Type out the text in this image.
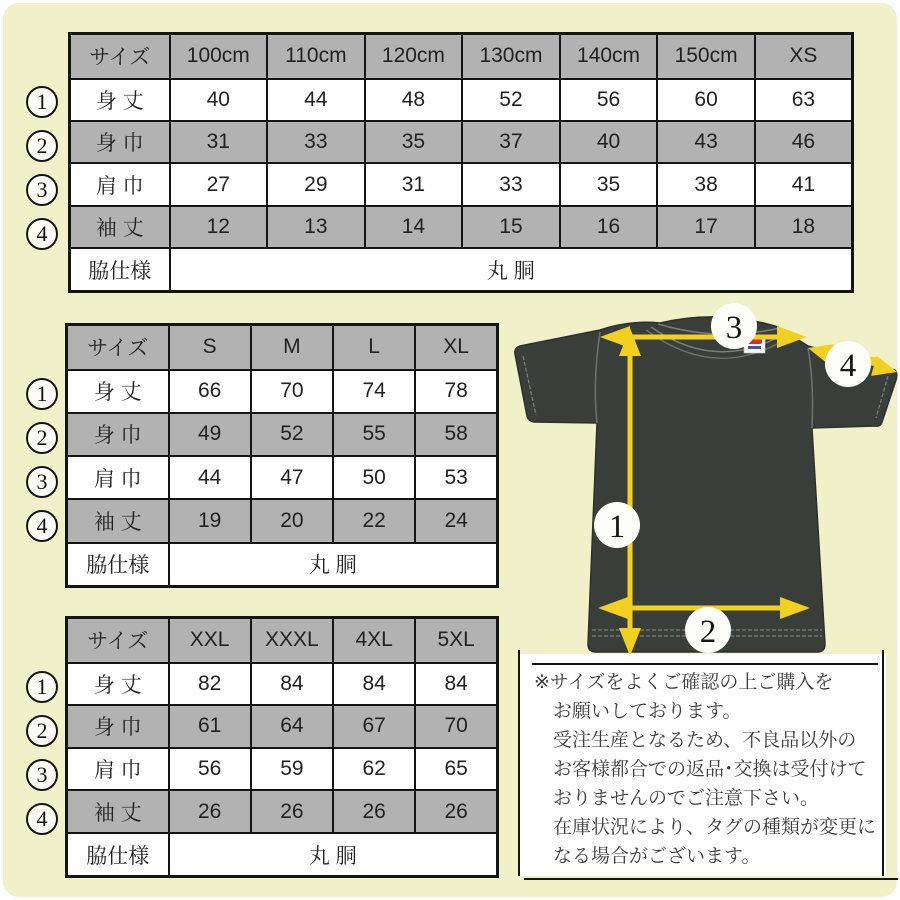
1
2
3
4
1
2
3
4
1
2
3
4
サイズ	100cm	110cm	120cm	130cm	140cm	150cm	XS
身 丈	40	44	48	52	56	60	63
身 巾	31	33	35	37	40	43	46
肩 巾	27	29	31	33	35	38	41
袖 丈	12	13	14	15	16	17	18
脇仕様	丸 胴						
サイズ	S	M	L	XL
身 丈	66	70	74	78
身 巾	49	52	55	58
肩 巾	44	47	50	53
袖 丈	19	20	22	24
脇仕様	丸 胴			
サイズ	XXL	XXXL	4XL	5XL
身 丈	82	84	84	84
身 巾	61	64	67	70
肩 巾	56	59	62	65
袖 丈	26	26	26	26
脇仕様	丸 胴			
1
2
3
4
※サイズをよくご確認の上ご購入を
お願いしております。
受注生産となるため、不良品以外の
お客様都合での返品･交換は受付けて
おりませんのでご注意下さい。
在庫状況により、タグの種類が変更に
なる場合がございます。
